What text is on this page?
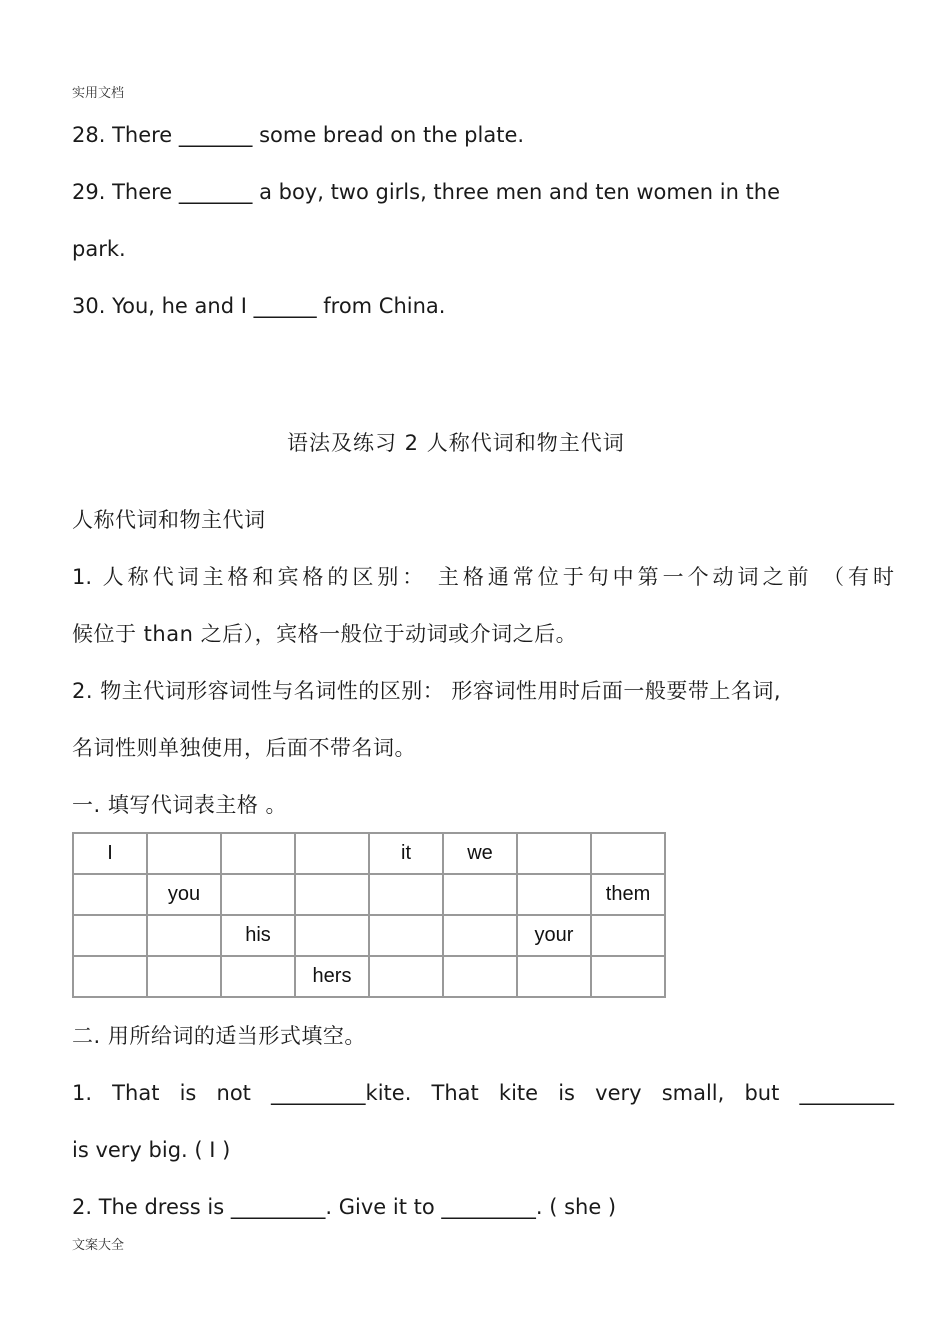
实用文档
28. There _______ some bread on the plate.
29. There _______ a boy, two girls, three men and ten women in the
park.
30. You, he and I ______ from China.
语法及练习 2 人称代词和物主代词
人称代词和物主代词
1. 人称代词主格和宾格的区别： 主格通常位于句中第一个动词之前 （有时
候位于 than 之后），宾格一般位于动词或介词之后。
2. 物主代词形容词性与名词性的区别： 形容词性用时后面一般要带上名词,
名词性则单独使用，后面不带名词。
一. 填写代词表主格 。
I				it	we		
	you						them
		his				your	
			hers				
二. 用所给词的适当形式填空。
1. That is not _________kite. That kite is very small, but _________
is very big. ( I )
2. The dress is _________. Give it to _________. ( she )
文案大全
